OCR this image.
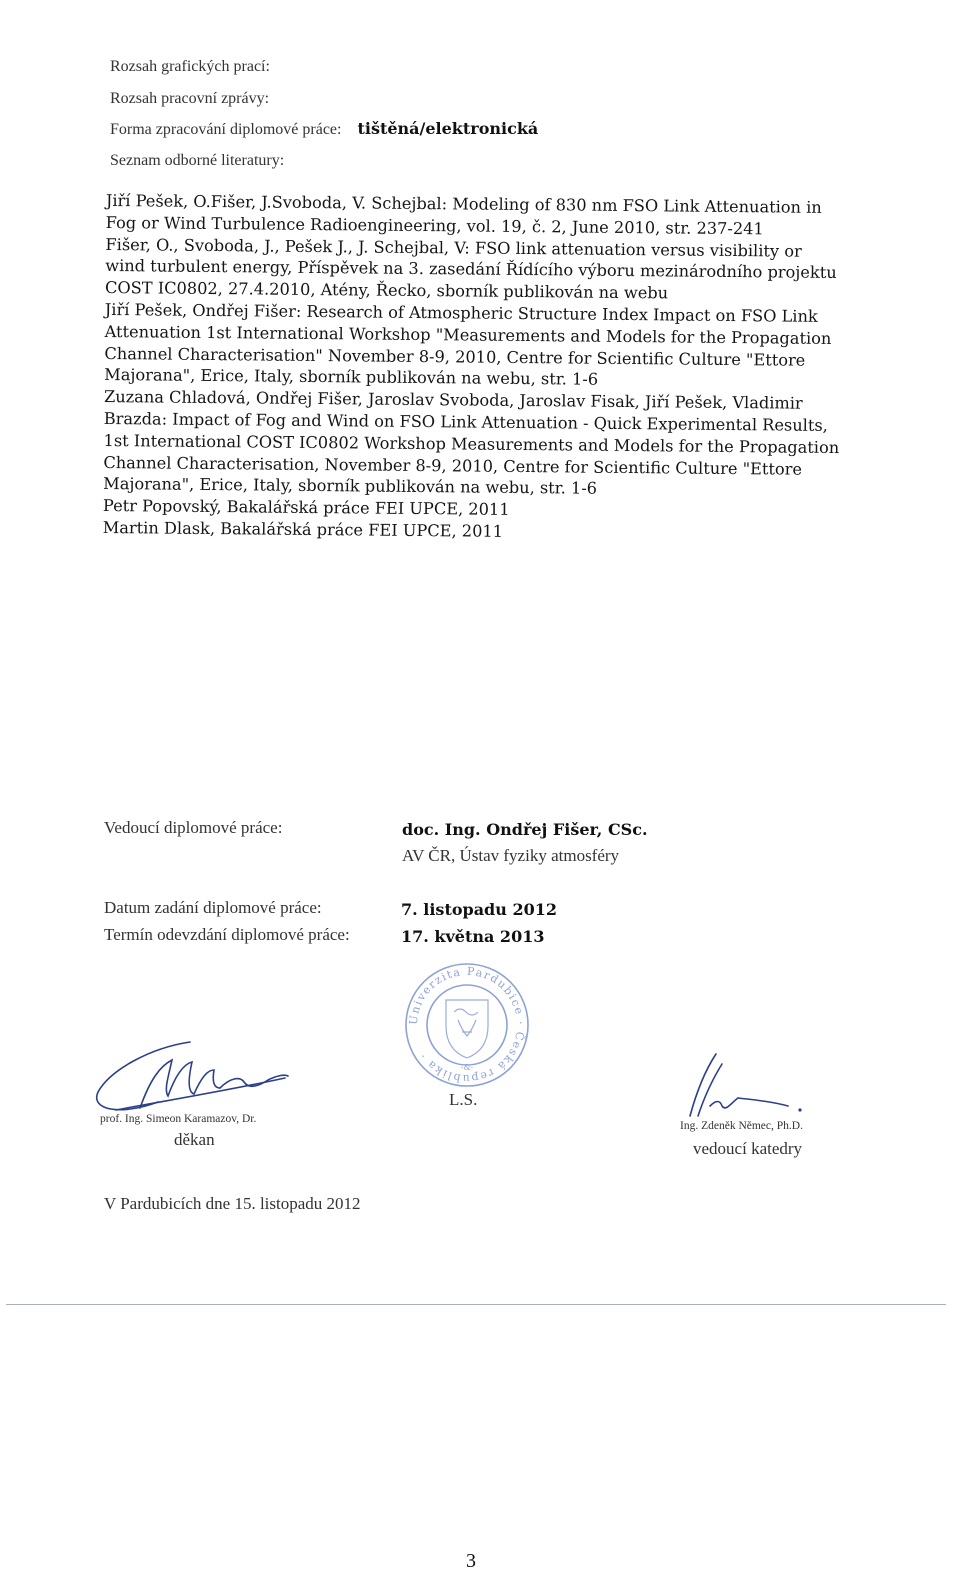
Rozsah grafických prací:
Rozsah pracovní zprávy:
Forma zpracování diplomové práce: tištěná/elektronická
Seznam odborné literatury:

Jiří Pešek, O.Fišer, J.Svoboda, V. Schejbal: Modeling of 830 nm FSO Link Attenuation in Fog or Wind Turbulence Radioengineering, vol. 19, č. 2, June 2010, str. 237-241

Fišer, O., Svoboda, J., Pešek J., J. Schejbal, V: FSO link attenuation versus visibility or wind turbulent energy, Příspěvek na 3. zasedání Řídícího výboru mezinárodního projektu COST IC0802, 27.4.2010, Atény, Řecko, sborník publikován na webu

Jiří Pešek, Ondřej Fišer: Research of Atmospheric Structure Index Impact on FSO Link Attenuation 1st International Workshop "Measurements and Models for the Propagation Channel Characterisation" November 8-9, 2010, Centre for Scientific Culture "Ettore Majorana", Erice, Italy, sborník publikován na webu, str. 1-6

Zuzana Chladová, Ondřej Fišer, Jaroslav Svoboda, Jaroslav Fisak, Jiří Pešek, Vladimir Brazda: Impact of Fog and Wind on FSO Link Attenuation - Quick Experimental Results, 1st International COST IC0802 Workshop Measurements and Models for the Propagation Channel Characterisation, November 8-9, 2010, Centre for Scientific Culture "Ettore Majorana", Erice, Italy, sborník publikován na webu, str. 1-6

Petr Popovský, Bakalářská práce FEI UPCE, 2011

Martin Dlask, Bakalářská práce FEI UPCE, 2011

Vedoucí diplomové práce:	doc. Ing. Ondřej Fišer, CSc.
AV ČR, Ústav fyziky atmosféry
Datum zadání diplomové práce:	7. listopadu 2012
Termín odevzdání diplomové práce:	17. května 2013
Univerzita Pardubice · Česká republika ·
-&-
L.S.
prof. Ing. Simeon Karamazov, Dr.
děkan
Ing. Zdeněk Němec, Ph.D.
vedoucí katedry
V Pardubicích dne 15. listopadu 2012
3
